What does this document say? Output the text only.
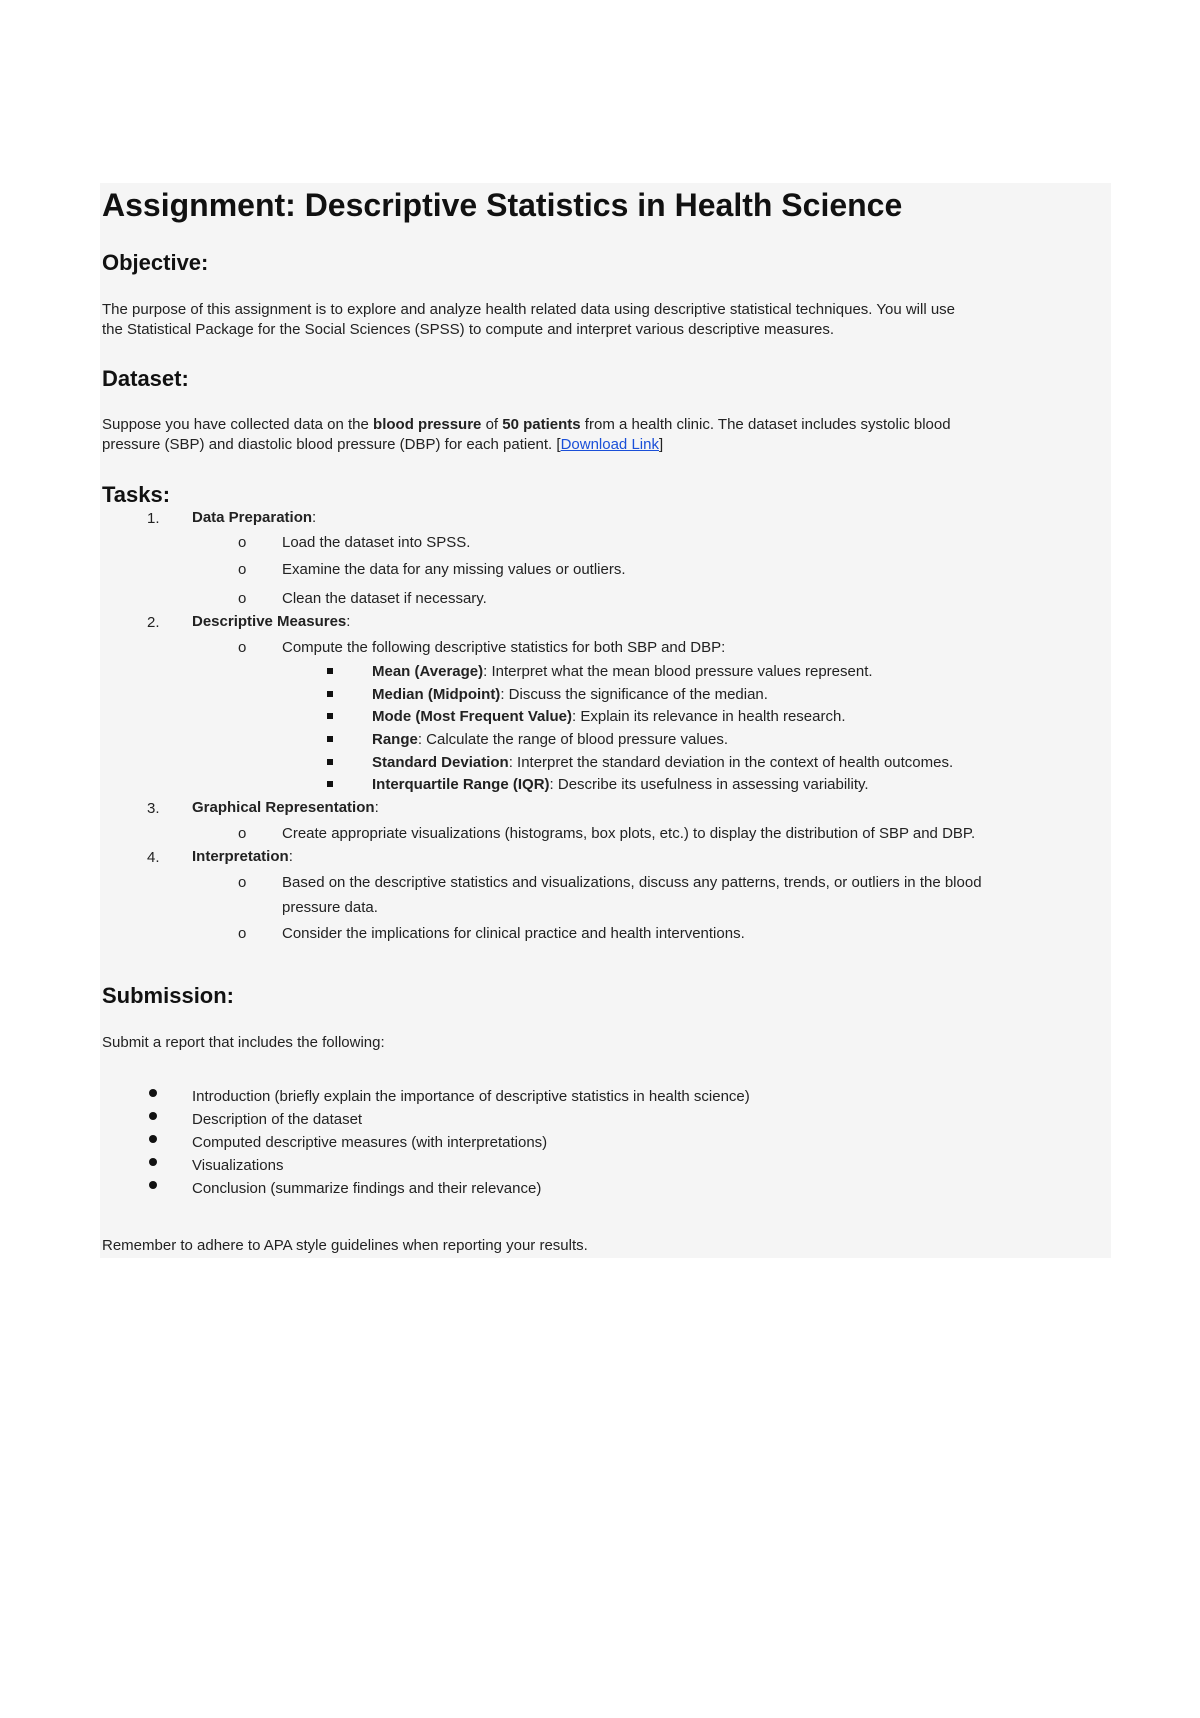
Assignment: Descriptive Statistics in Health Science
Objective:
The purpose of this assignment is to explore and analyze health related data using descriptive statistical techniques. You will use
the Statistical Package for the Social Sciences (SPSS) to compute and interpret various descriptive measures.
Dataset:
Suppose you have collected data on the blood pressure of 50 patients from a health clinic. The dataset includes systolic blood
pressure (SBP) and diastolic blood pressure (DBP) for each patient. [Download Link]
Tasks:
1. Data Preparation:
o Load the dataset into SPSS.
o Examine the data for any missing values or outliers.
o Clean the dataset if necessary.
2. Descriptive Measures:
o Compute the following descriptive statistics for both SBP and DBP:
Mean (Average): Interpret what the mean blood pressure values represent.
Median (Midpoint): Discuss the significance of the median.
Mode (Most Frequent Value): Explain its relevance in health research.
Range: Calculate the range of blood pressure values.
Standard Deviation: Interpret the standard deviation in the context of health outcomes.
Interquartile Range (IQR): Describe its usefulness in assessing variability.
3. Graphical Representation:
o Create appropriate visualizations (histograms, box plots, etc.) to display the distribution of SBP and DBP.
4. Interpretation:
o Based on the descriptive statistics and visualizations, discuss any patterns, trends, or outliers in the blood
pressure data.
o Consider the implications for clinical practice and health interventions.
Submission:
Submit a report that includes the following:
Introduction (briefly explain the importance of descriptive statistics in health science)
Description of the dataset
Computed descriptive measures (with interpretations)
Visualizations
Conclusion (summarize findings and their relevance)
Remember to adhere to APA style guidelines when reporting your results.
